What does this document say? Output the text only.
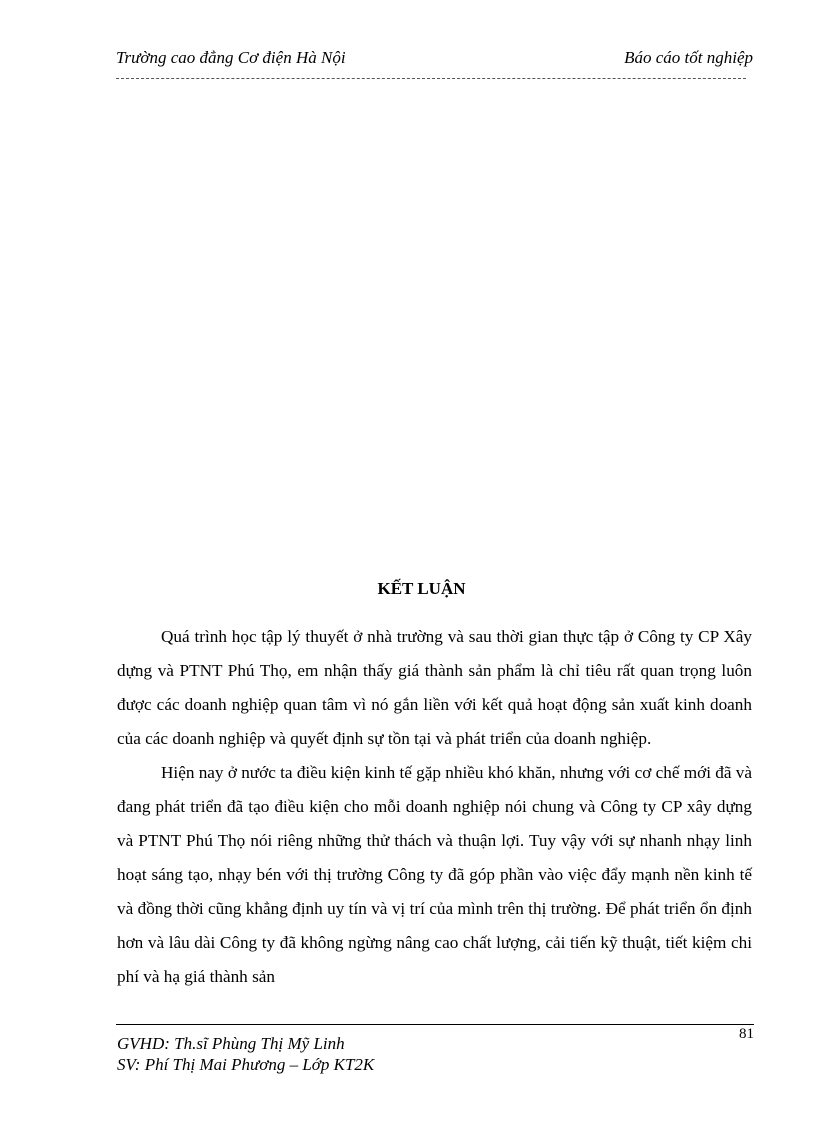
Trường cao đẳng Cơ điện Hà Nội	Báo cáo tốt nghiệp
KẾT LUẬN

Quá trình học tập lý thuyết ở nhà trường và sau thời gian thực tập ở Công ty CP Xây dựng và PTNT Phú Thọ, em nhận thấy giá thành sản phẩm là chỉ tiêu rất quan trọng luôn được các doanh nghiệp quan tâm vì nó gắn liền với kết quả hoạt động sản xuất kinh doanh của các doanh nghiệp và quyết định sự tồn tại và phát triển của doanh nghiệp.

Hiện nay ở nước ta điều kiện kinh tế gặp nhiều khó khăn, nhưng với cơ chế mới đã và đang phát triển đã tạo điều kiện cho mỗi doanh nghiệp nói chung và Công ty CP xây dựng và PTNT Phú Thọ nói riêng những thử thách và thuận lợi. Tuy vậy với sự nhanh nhạy linh hoạt sáng tạo, nhạy bén với thị trường Công ty đã góp phần vào việc đẩy mạnh nền kinh tế và đồng thời cũng khẳng định uy tín và vị trí của mình trên thị trường. Để phát triển ổn định hơn và lâu dài Công ty đã không ngừng nâng cao chất lượng, cải tiến kỹ thuật, tiết kiệm chi phí và hạ giá thành sản

81
GVHD: Th.sĩ Phùng Thị Mỹ Linh
SV: Phí Thị Mai Phương – Lớp KT2K
